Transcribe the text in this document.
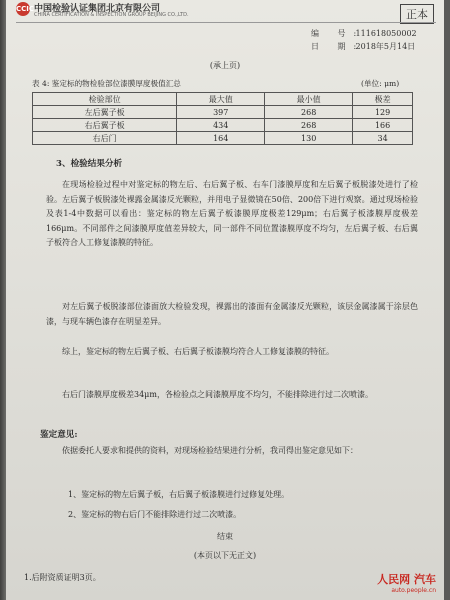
CCIC 中国检验认证集团北京有限公司
CHINA CERTIFICATION & INSPECTION GROUP BEIJING CO.,LTD.	正本
编 号: 111618050002
日 期: 2018年5月14日
(承上页)
表 4: 鉴定标的物检验部位漆膜厚度极值汇总	(单位: μm)
检验部位	最大值	最小值	极差
左后翼子板	397	268	129
右后翼子板	434	268	166
右后门	164	130	34
3、检验结果分析

在现场检验过程中对鉴定标的物左后、右后翼子板、右车门漆膜厚度和左后翼子板脱漆处进行了检验。左后翼子板脱漆处裸露金属漆反光颗粒，并用电子显微镜在50倍、200倍下进行观察。通过现场检验及表1-4中数据可以看出：鉴定标的物左后翼子板漆膜厚度极差129μm；右后翼子板漆膜厚度极差166μm。不同部件之间漆膜厚度值差异较大，同一部件不同位置漆膜厚度不均匀，左后翼子板、右后翼子板符合人工修复漆膜的特征。

对左后翼子板脱漆部位漆面放大检验发现，裸露出的漆面有金属漆反光颗粒，该层金属漆属于涂层色漆，与现车辆色漆存在明显差异。

综上，鉴定标的物左后翼子板、右后翼子板漆膜均符合人工修复漆膜的特征。

右后门漆膜厚度极差34μm，各检验点之间漆膜厚度不均匀，不能排除进行过二次喷漆。

鉴定意见:

依据委托人要求和提供的资料，对现场检验结果进行分析，我司得出鉴定意见如下：

1、鉴定标的物左后翼子板，右后翼子板漆膜进行过修复处理。
2、鉴定标的物右后门不能排除进行过二次喷漆。
结束
(本页以下无正文)
1.后附资质证明3页。	人民网 汽车
auto.people.cn
